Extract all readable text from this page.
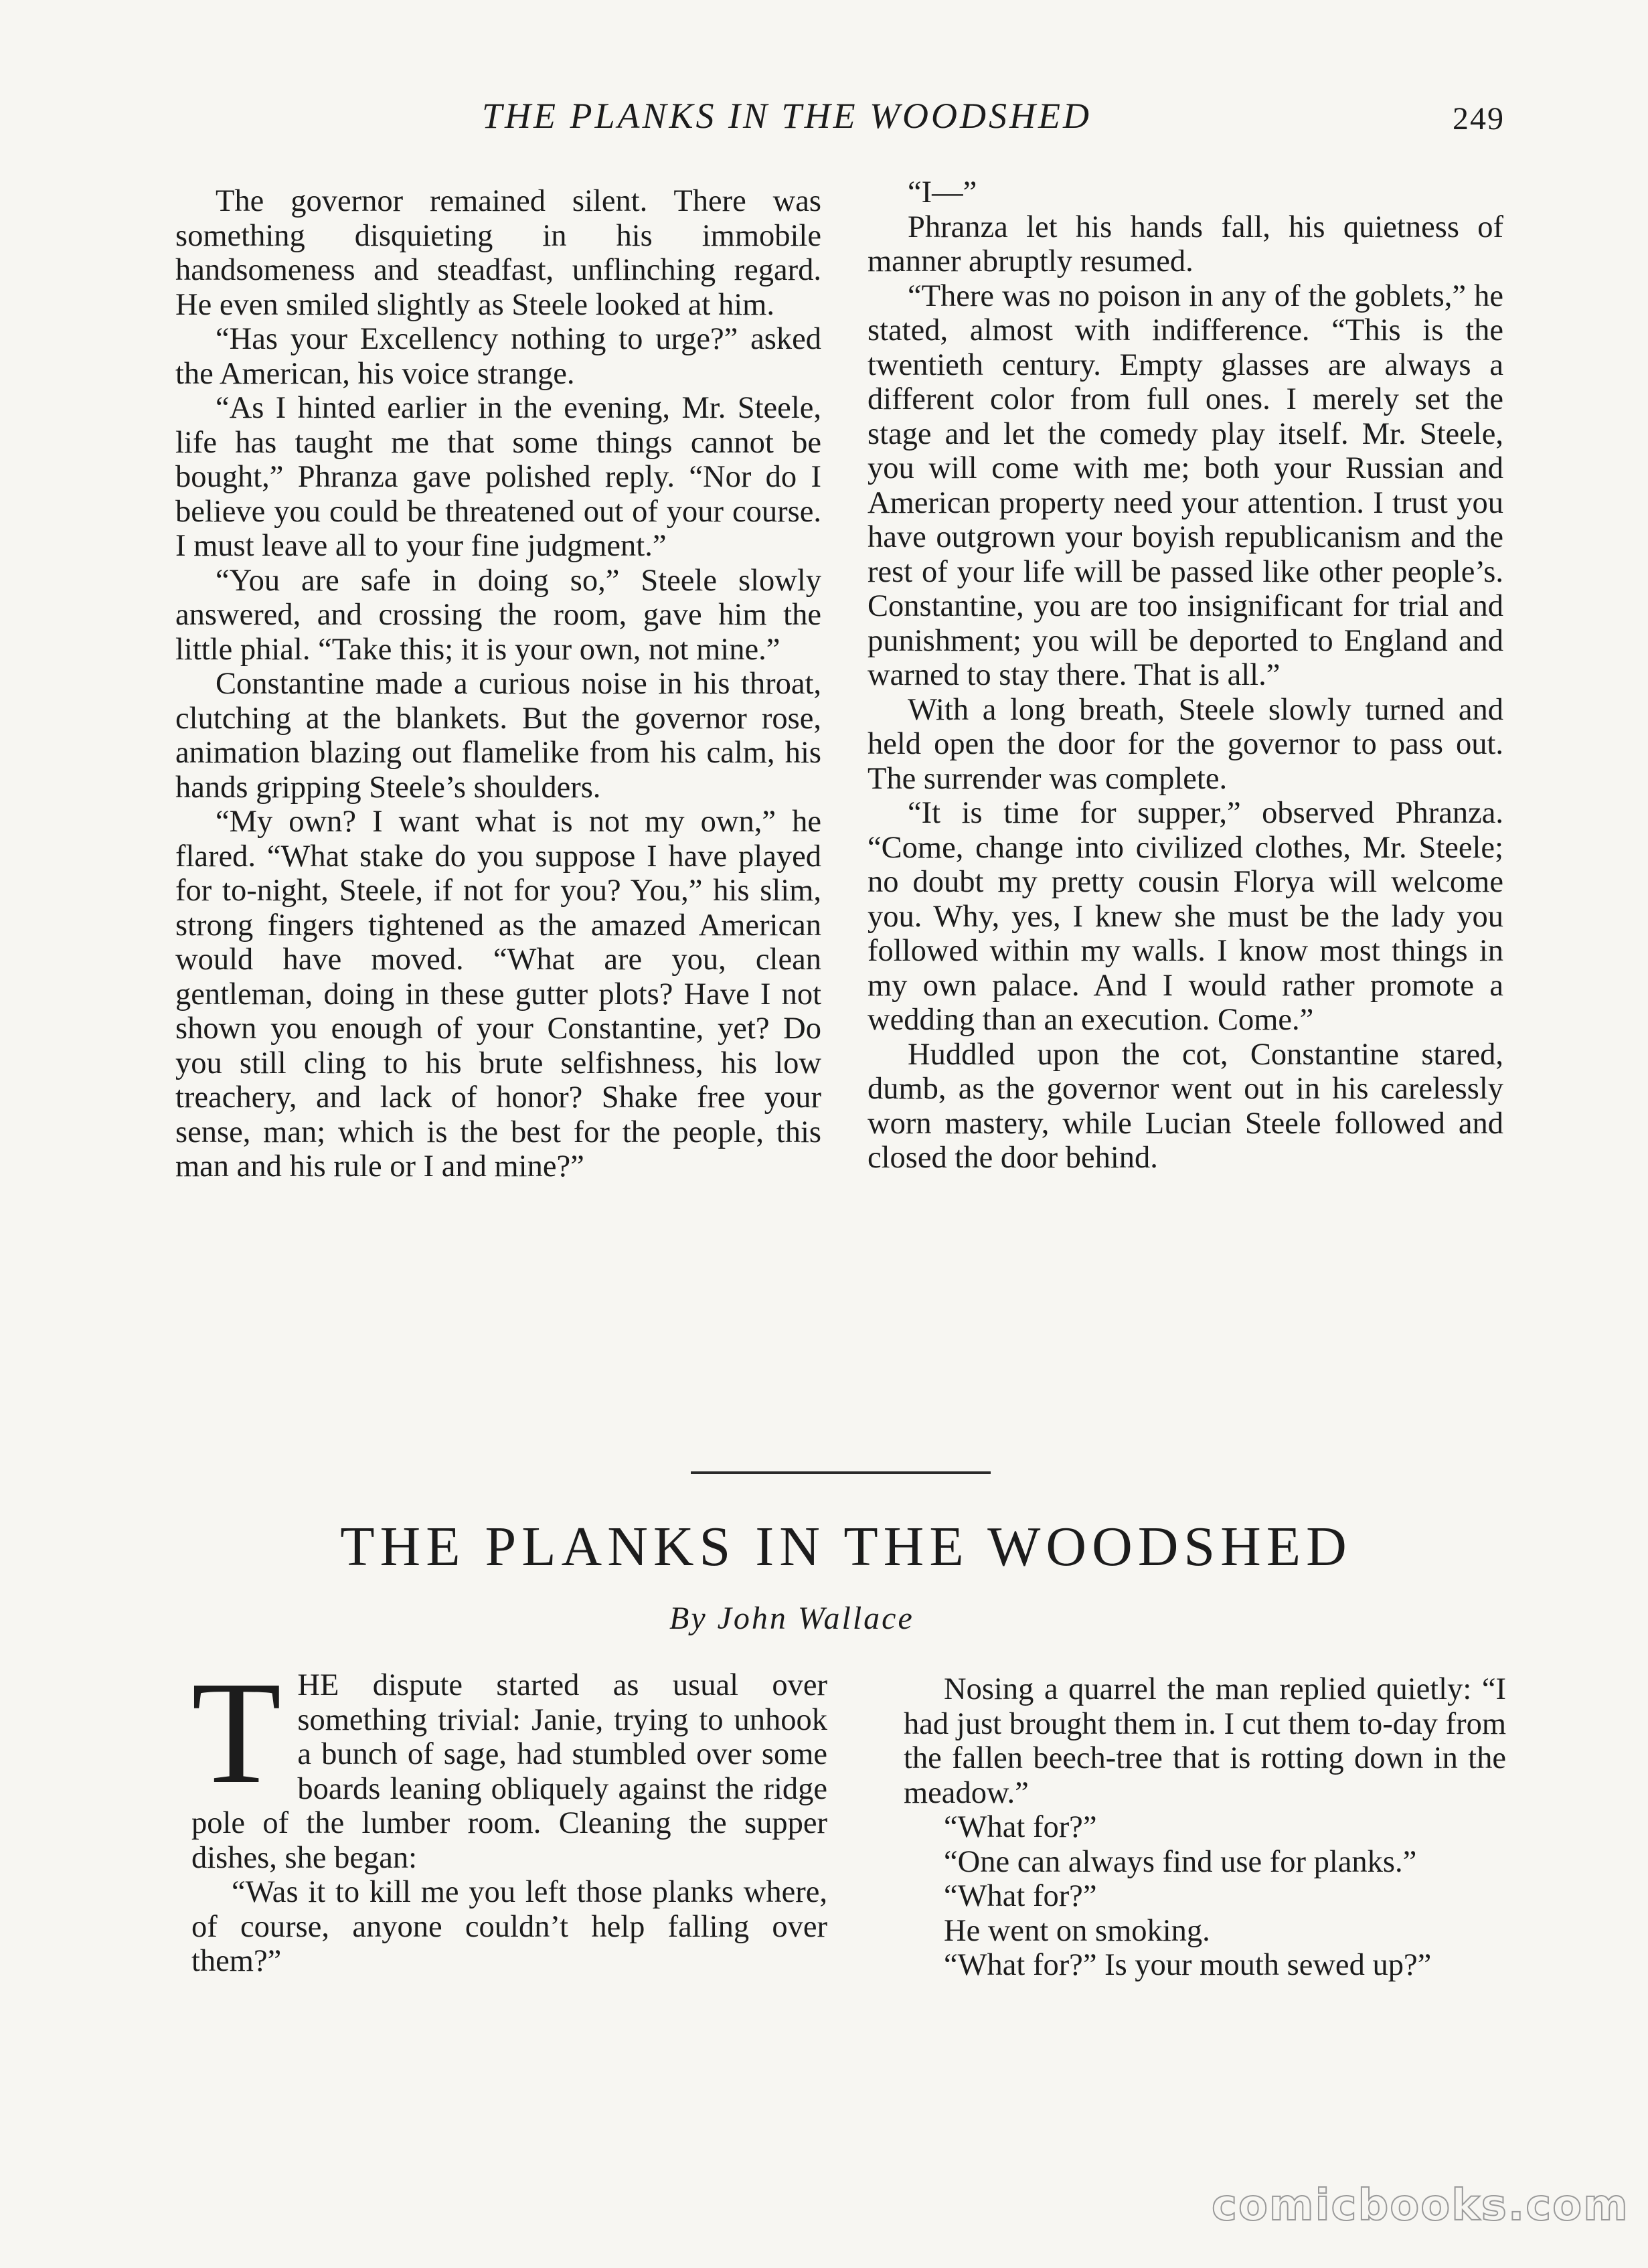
THE PLANKS IN THE WOODSHED	249

The governor remained silent. There was something disquieting in his immobile handsomeness and steadfast, unflinching regard. He even smiled slightly as Steele looked at him.

“Has your Excellency nothing to urge?” asked the American, his voice strange.

“As I hinted earlier in the evening, Mr. Steele, life has taught me that some things cannot be bought,” Phranza gave polished reply. “Nor do I believe you could be threatened out of your course. I must leave all to your fine judgment.”

“You are safe in doing so,” Steele slowly answered, and crossing the room, gave him the little phial. “Take this; it is your own, not mine.”

Constantine made a curious noise in his throat, clutching at the blankets. But the governor rose, animation blazing out flamelike from his calm, his hands gripping Steele’s shoulders.

“My own? I want what is not my own,” he flared. “What stake do you suppose I have played for to-night, Steele, if not for you? You,” his slim, strong fingers tightened as the amazed American would have moved. “What are you, clean gentleman, doing in these gutter plots? Have I not shown you enough of your Constantine, yet? Do you still cling to his brute selfishness, his low treachery, and lack of honor? Shake free your sense, man; which is the best for the people, this man and his rule or I and mine?”

“I—”

Phranza let his hands fall, his quietness of manner abruptly resumed.

“There was no poison in any of the goblets,” he stated, almost with indifference. “This is the twentieth century. Empty glasses are always a different color from full ones. I merely set the stage and let the comedy play itself. Mr. Steele, you will come with me; both your Russian and American property need your attention. I trust you have outgrown your boyish republicanism and the rest of your life will be passed like other people’s. Constantine, you are too insignificant for trial and punishment; you will be deported to England and warned to stay there. That is all.”

With a long breath, Steele slowly turned and held open the door for the governor to pass out. The surrender was complete.

“It is time for supper,” observed Phranza. “Come, change into civilized clothes, Mr. Steele; no doubt my pretty cousin Florya will welcome you. Why, yes, I knew she must be the lady you followed within my walls. I know most things in my own palace. And I would rather promote a wedding than an execution. Come.”

Huddled upon the cot, Constantine stared, dumb, as the governor went out in his carelessly worn mastery, while Lucian Steele followed and closed the door behind.

THE PLANKS IN THE WOODSHED
By John Wallace

THE dispute started as usual over something trivial: Janie, trying to unhook a bunch of sage, had stumbled over some boards leaning obliquely against the ridge pole of the lumber room. Cleaning the supper dishes, she began:

“Was it to kill me you left those planks where, of course, anyone couldn’t help falling over them?”

Nosing a quarrel the man replied quietly: “I had just brought them in. I cut them to-day from the fallen beech-tree that is rotting down in the meadow.”

“What for?”

“One can always find use for planks.”

“What for?”

He went on smoking.

“What for?” Is your mouth sewed up?”

comicbooks.com
